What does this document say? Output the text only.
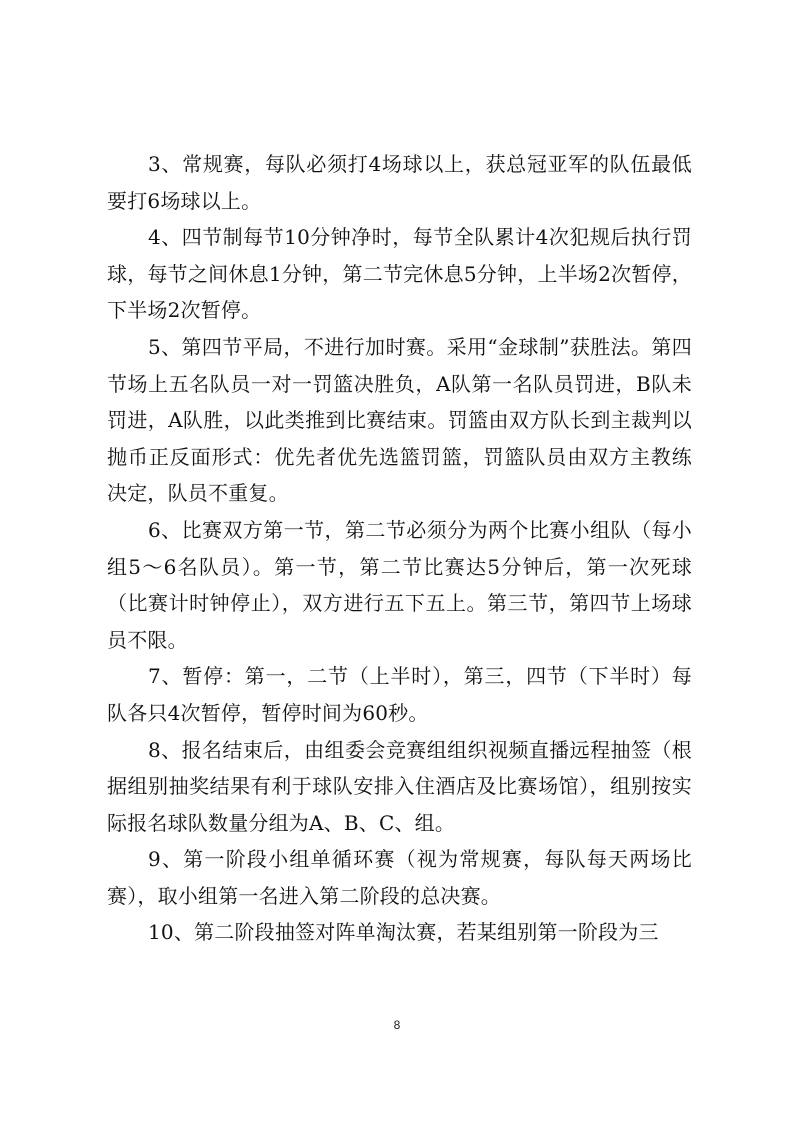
3、常规赛，每队必须打4场球以上，获总冠亚军的队伍最低要打6场球以上。

4、四节制每节10分钟净时，每节全队累计4次犯规后执行罚球，每节之间休息1分钟，第二节完休息5分钟，上半场2次暂停，下半场2次暂停。

5、第四节平局，不进行加时赛。采用“金球制”获胜法。第四节场上五名队员一对一罚篮决胜负，A队第一名队员罚进，B队未罚进，A队胜，以此类推到比赛结束。罚篮由双方队长到主裁判以抛币正反面形式：优先者优先选篮罚篮，罚篮队员由双方主教练决定，队员不重复。

6、比赛双方第一节，第二节必须分为两个比赛小组队（每小组5～6名队员）。第一节，第二节比赛达5分钟后，第一次死球（比赛计时钟停止），双方进行五下五上。第三节，第四节上场球员不限。

7、暂停：第一，二节（上半时），第三，四节（下半时）每队各只4次暂停，暂停时间为60秒。

8、报名结束后，由组委会竞赛组组织视频直播远程抽签（根据组别抽奖结果有利于球队安排入住酒店及比赛场馆），组别按实际报名球队数量分组为A、B、C、组。

9、第一阶段小组单循环赛（视为常规赛，每队每天两场比赛），取小组第一名进入第二阶段的总决赛。

10、第二阶段抽签对阵单淘汰赛，若某组别第一阶段为三

8
